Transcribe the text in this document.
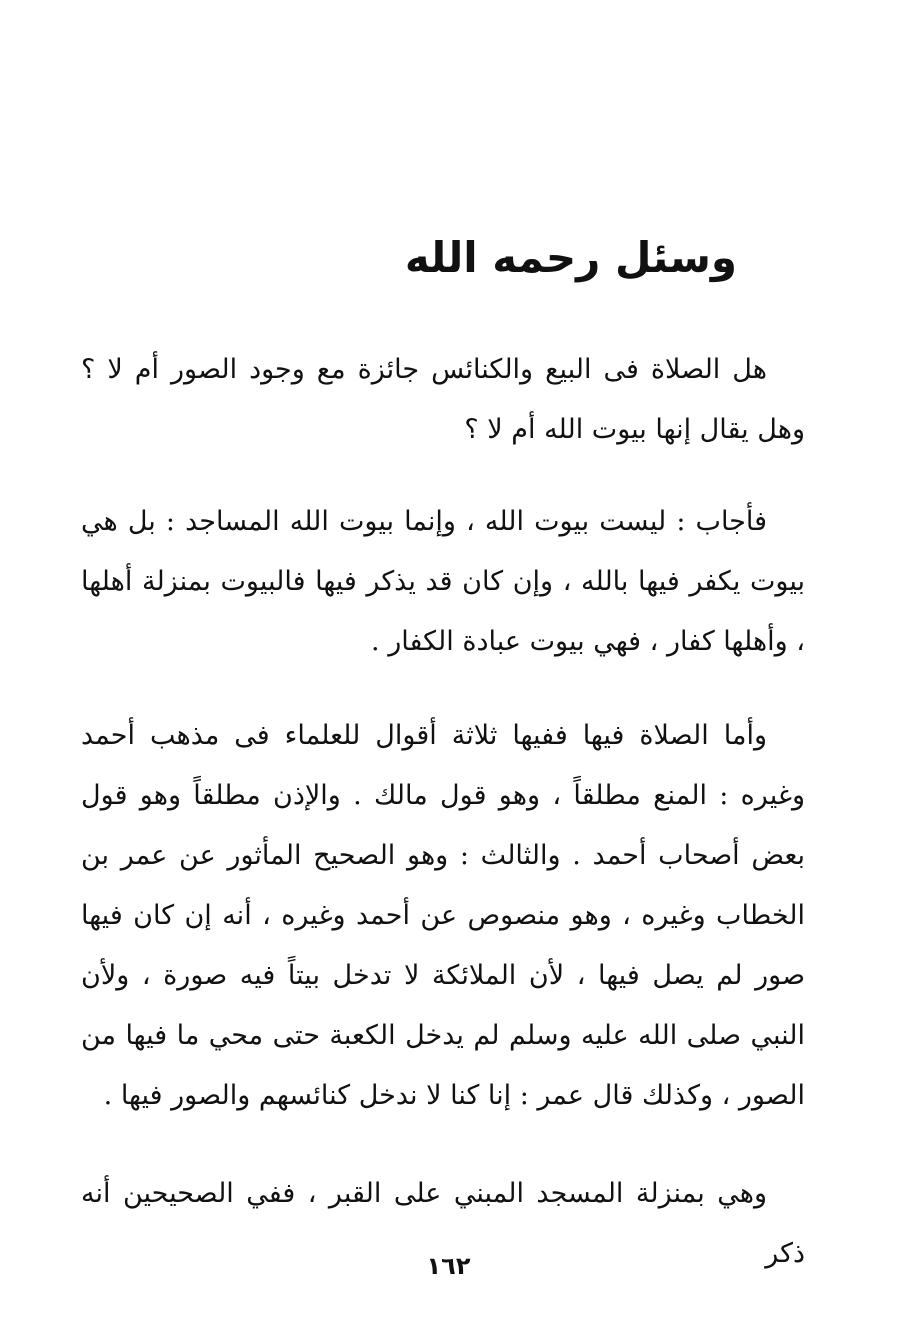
وسئل رحمه الله

هل الصلاة فى البيع والكنائس جائزة مع وجود الصور أم لا ؟ وهل يقال إنها بيوت الله أم لا ؟

فأجاب : ليست بيوت الله ، وإنما بيوت الله المساجد : بل هي بيوت يكفر فيها بالله ، وإن كان قد يذكر فيها فالبيوت بمنزلة أهلها ، وأهلها كفار ، فهي بيوت عبادة الكفار .

وأما الصلاة فيها ففيها ثلاثة أقوال للعلماء فى مذهب أحمد وغيره : المنع مطلقاً ، وهو قول مالك . والإذن مطلقاً وهو قول بعض أصحاب أحمد . والثالث : وهو الصحيح المأثور عن عمر بن الخطاب وغيره ، وهو منصوص عن أحمد وغيره ، أنه إن كان فيها صور لم يصل فيها ، لأن الملائكة لا تدخل بيتاً فيه صورة ، ولأن النبي صلى الله عليه وسلم لم يدخل الكعبة حتى محي ما فيها من الصور ، وكذلك قال عمر : إنا كنا لا ندخل كنائسهم والصور فيها .

وهي بمنزلة المسجد المبني على القبر ، ففي الصحيحين أنه ذكر

١٦٢
